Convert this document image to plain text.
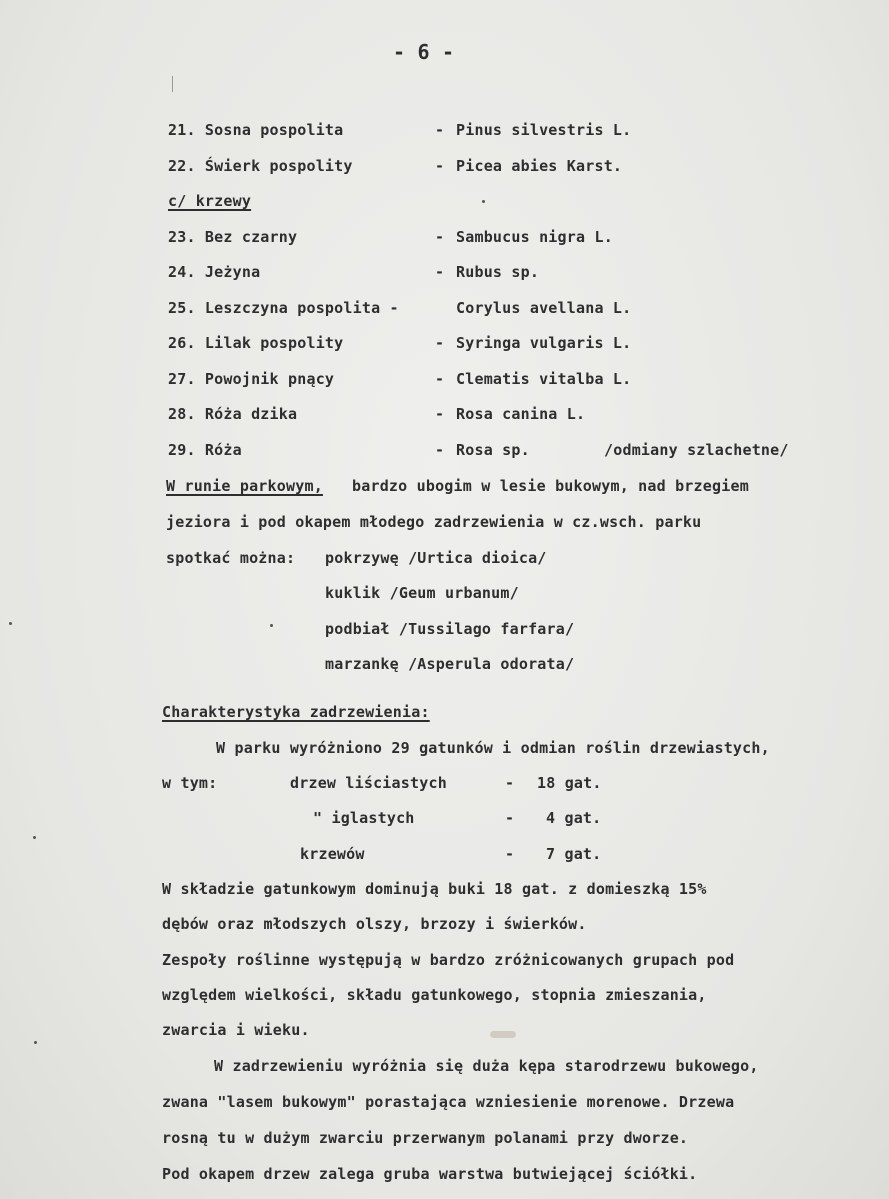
- 6 -
21. Sosna pospolita	- Pinus silvestris L.
22. Świerk pospolity	- Picea abies Karst.
c/ krzewy
23. Bez czarny	- Sambucus nigra L.
24. Jeżyna	- Rubus sp.
25. Leszczyna pospolita -	Corylus avellana L.
26. Lilak pospolity	- Syringa vulgaris L.
27. Powojnik pnący	- Clematis vitalba L.
28. Róża dzika	- Rosa canina L.
29. Róża	- Rosa sp.	/odmiany szlachetne/
W runie parkowym, bardzo ubogim w lesie bukowym, nad brzegiem
jeziora i pod okapem młodego zadrzewienia w cz.wsch. parku
spotkać można: pokrzywę /Urtica dioica/
kuklik /Geum urbanum/
podbiał /Tussilago farfara/
marzankę /Asperula odorata/
Charakterystyka zadrzewienia:
W parku wyróżniono 29 gatunków i odmian roślin drzewiastych,
w tym:	drzew liściastych	- 18 gat.
" iglastych	- 4 gat.
krzewów	- 7 gat.
W składzie gatunkowym dominują buki 18 gat. z domieszką 15%
dębów oraz młodszych olszy, brzozy i świerków.
Zespoły roślinne występują w bardzo zróżnicowanych grupach pod
względem wielkości, składu gatunkowego, stopnia zmieszania,
zwarcia i wieku.
W zadrzewieniu wyróżnia się duża kępa starodrzewu bukowego,
zwana "lasem bukowym" porastająca wzniesienie morenowe. Drzewa
rosną tu w dużym zwarciu przerwanym polanami przy dworze.
Pod okapem drzew zalega gruba warstwa butwiejącej ściółki.
